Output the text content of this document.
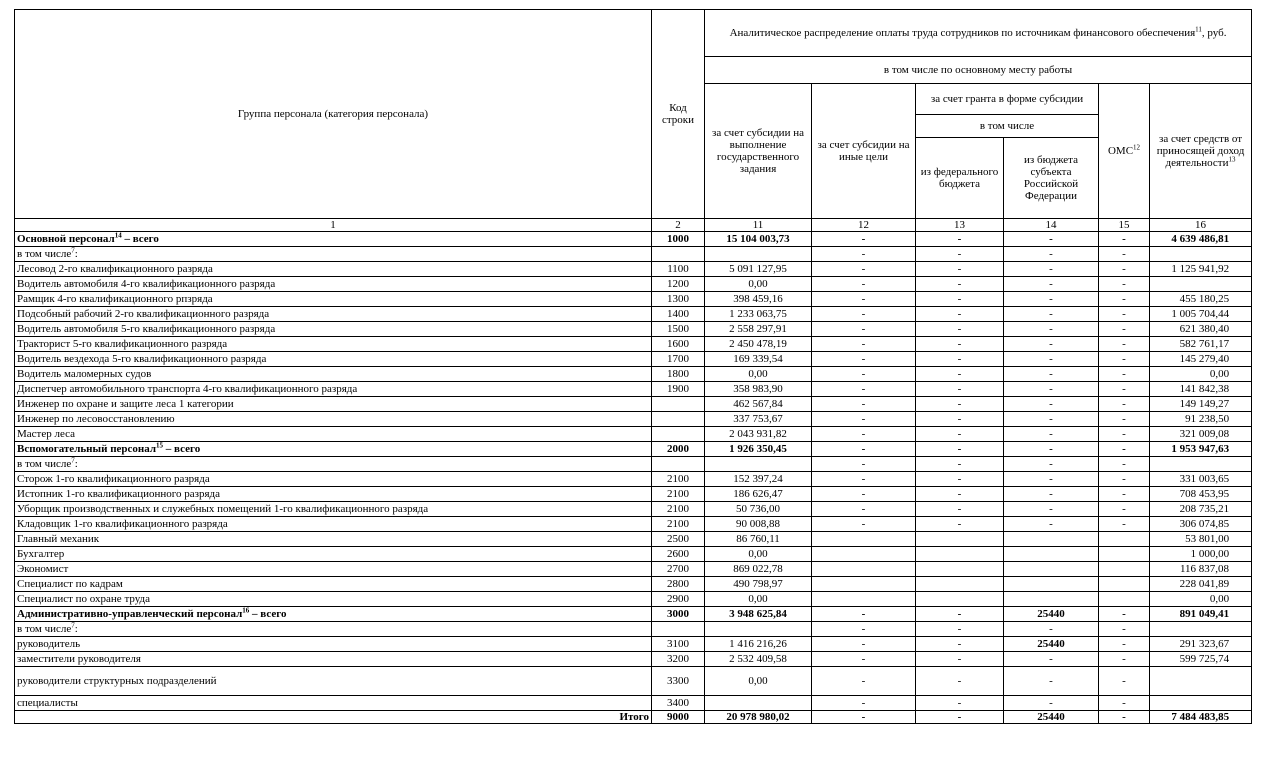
Группа персонала (категория персонала)	Код строки	Аналитическое распределение оплаты труда сотрудников по источникам финансового обеспечения$^{11}$, руб.					
		в том числе по основному месту работы					
		за счет субсидии на выполнение государственного задания	за счет субсидии на иные цели	за счет гранта в форме субсидии		ОМС$^{12}$	за счет средств от приносящей доход деятельности$^{13}$
				в том числе			
				из федерального бюджета	из бюджета субъекта Российской Федерации		
1	2	11	12	13	14	15	16
Основной персонал$^{14}$ – всего	1000	15 104 003,73	-	-	-	-	4 639 486,81
в том числе$^7$:			-	-	-	-	
Лесовод 2-го квалификационного разряда	1100	5 091 127,95	-	-	-	-	1 125 941,92
Водитель автомобиля 4-го квалификационного разряда	1200	0,00	-	-	-	-	
Рамщик 4-го квалификационного рпзряда	1300	398 459,16	-	-	-	-	455 180,25
Подсобный рабочий 2-го квалификационного разряда	1400	1 233 063,75	-	-	-	-	1 005 704,44
Водитель автомобиля 5-го квалификационного разряда	1500	2 558 297,91	-	-	-	-	621 380,40
Тракторист 5-го квалификационного разряда	1600	2 450 478,19	-	-	-	-	582 761,17
Водитель вездехода 5-го квалификационного разряда	1700	169 339,54	-	-	-	-	145 279,40
Водитель маломерных судов	1800	0,00	-	-	-	-	0,00
Диспетчер автомобильного транспорта 4-го квалификационного разряда	1900	358 983,90	-	-	-	-	141 842,38
Инженер по охране и защите леса 1 категории		462 567,84	-	-	-	-	149 149,27
Инженер по лесовосстановлению		337 753,67	-	-	-	-	91 238,50
Мастер леса		2 043 931,82	-	-	-	-	321 009,08
Вспомогательный персонал$^{15}$ – всего	2000	1 926 350,45	-	-	-	-	1 953 947,63
в том числе$^7$:			-	-	-	-	
Сторож 1-го квалификационного разряда	2100	152 397,24	-	-	-	-	331 003,65
Истопник 1-го квалификационного разряда	2100	186 626,47	-	-	-	-	708 453,95
Уборщик производственных и служебных помещений 1-го квалификационного разряда	2100	50 736,00	-	-	-	-	208 735,21
Кладовщик 1-го квалификационного разряда	2100	90 008,88	-	-	-	-	306 074,85
Главный механик	2500	86 760,11					53 801,00
Бухгалтер	2600	0,00					1 000,00
Экономист	2700	869 022,78					116 837,08
Специалист по кадрам	2800	490 798,97					228 041,89
Специалист по охране труда	2900	0,00					0,00
Административно-управленческий персонал$^{16}$ – всего	3000	3 948 625,84	-	-	25440	-	891 049,41
в том числе$^7$:			-	-	-	-	
руководитель	3100	1 416 216,26	-	-	25440	-	291 323,67
заместители руководителя	3200	2 532 409,58	-	-	-	-	599 725,74
руководители структурных подразделений	3300	0,00	-	-	-	-	
специалисты	3400		-	-	-	-	
Итого	9000	20 978 980,02	-	-	25440	-	7 484 483,85
